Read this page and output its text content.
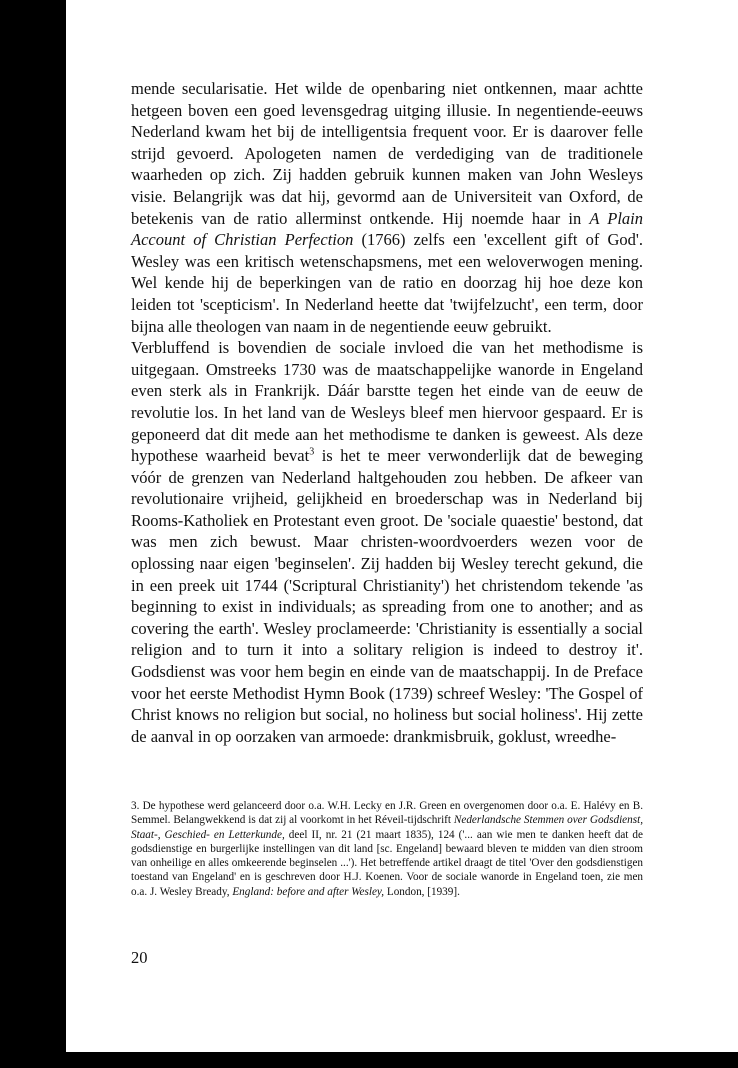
mende secularisatie. Het wilde de openbaring niet ontkennen, maar achtte hetgeen boven een goed levensgedrag uitging illusie. In negentiende-eeuws Nederland kwam het bij de intelligentsia frequent voor. Er is daarover felle strijd gevoerd. Apologeten namen de verdediging van de traditionele waarheden op zich. Zij hadden gebruik kunnen maken van John Wesleys visie. Belangrijk was dat hij, gevormd aan de Universiteit van Oxford, de betekenis van de ratio allerminst ontkende. Hij noemde haar in A Plain Account of Christian Perfection (1766) zelfs een 'excellent gift of God'. Wesley was een kritisch wetenschapsmens, met een weloverwogen mening. Wel kende hij de beperkingen van de ratio en doorzag hij hoe deze kon leiden tot 'scepticism'. In Nederland heette dat 'twijfelzucht', een term, door bijna alle theologen van naam in de negentiende eeuw gebruikt.

Verbluffend is bovendien de sociale invloed die van het methodisme is uitgegaan. Omstreeks 1730 was de maatschappelijke wanorde in Engeland even sterk als in Frankrijk. Dáár barstte tegen het einde van de eeuw de revolutie los. In het land van de Wesleys bleef men hiervoor gespaard. Er is geponeerd dat dit mede aan het methodisme te danken is geweest. Als deze hypothese waarheid bevat$^3$ is het te meer verwonderlijk dat de beweging vóór de grenzen van Nederland haltgehouden zou hebben. De afkeer van revolutionaire vrijheid, gelijkheid en broederschap was in Nederland bij Rooms-Katholiek en Protestant even groot. De 'sociale quaestie' bestond, dat was men zich bewust. Maar christen-woordvoerders wezen voor de oplossing naar eigen 'beginselen'. Zij hadden bij Wesley terecht gekund, die in een preek uit 1744 ('Scriptural Christianity') het christendom tekende 'as beginning to exist in individuals; as spreading from one to another; and as covering the earth'. Wesley proclameerde: 'Christianity is essentially a social religion and to turn it into a solitary religion is indeed to destroy it'. Godsdienst was voor hem begin en einde van de maatschappij. In de Preface voor het eerste Methodist Hymn Book (1739) schreef Wesley: 'The Gospel of Christ knows no religion but social, no holiness but social holiness'. Hij zette de aanval in op oorzaken van armoede: drankmisbruik, goklust, wreedhe-

3. De hypothese werd gelanceerd door o.a. W.H. Lecky en J.R. Green en overgenomen door o.a. E. Halévy en B. Semmel. Belangwekkend is dat zij al voorkomt in het Réveil-tijdschrift Nederlandsche Stemmen over Godsdienst, Staat-, Geschied- en Letterkunde, deel II, nr. 21 (21 maart 1835), 124 ('... aan wie men te danken heeft dat de godsdienstige en burgerlijke instellingen van dit land [sc. Engeland] bewaard bleven te midden van dien stroom van onheilige en alles omkeerende beginselen ...'). Het betreffende artikel draagt de titel 'Over den godsdienstigen toestand van Engeland' en is geschreven door H.J. Koenen. Voor de sociale wanorde in Engeland toen, zie men o.a. J. Wesley Bready, England: before and after Wesley, London, [1939].
20
